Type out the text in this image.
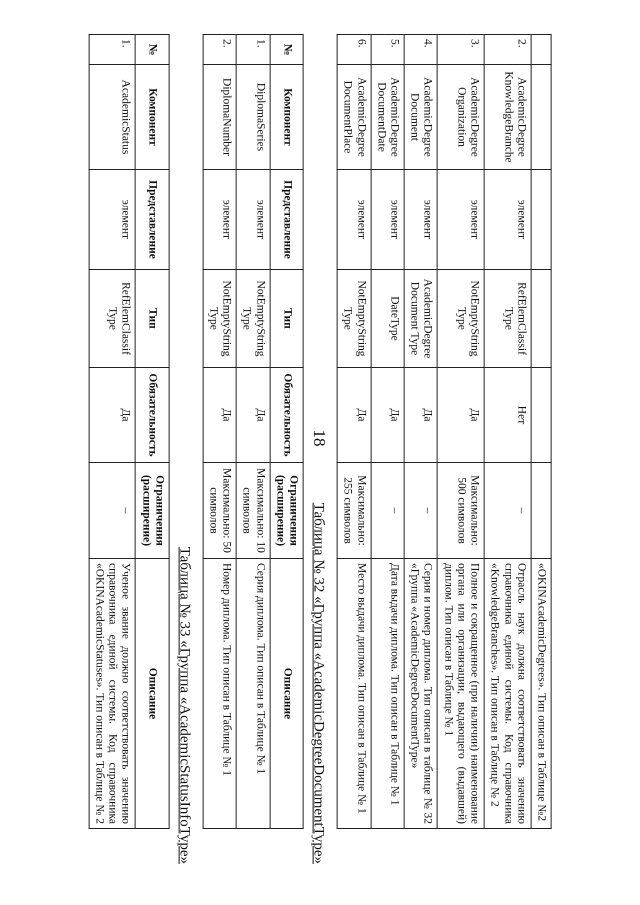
18
						«OKINAcademicDegrees». Тип описан в Таблице №2
2.	AcademicDegree KnowledgeBranche	элемент	RefElemClassif Type	Нет	–	Отрасль наук должна соответствовать значению справочника единой системы. Код справочника «KnowledgeBranches». Тип описан в Таблице № 2
3.	AcademicDegree Organization	элемент	NotEmptyString Type	Да	Максимально: 500 символов	Полное и сокращенное (при наличии) наименование органа или организации, выдающего (выдавшей) диплом. Тип описан в Таблице № 1
4.	AcademicDegree Document	элемент	AcademicDegree Document Type	Да	–	Серия и номер диплома. Тип описан в таблице № 32 «Группа «AcademicDegreeDocumentType»
5.	AcademicDegree DocumentDate	элемент	DateType	Да	–	Дата выдачи диплома. Тип описан в Таблице № 1
6.	AcademicDegree DocumentPlace	элемент	NotEmptyString Type	Да	Максимально: 255 символов	Место выдачи диплома. Тип описан в Таблице № 1
Таблица № 32 «Группа «AcademicDegreeDocumentType»
№	Компонент	Представление	Тип	Обязательность	Ограничения (расширение)	Описание
1.	DiplomaSeries	элемент	NotEmptyString Type	Да	Максимально: 10 символов	Серия диплома. Тип описан в Таблице № 1
2.	DiplomaNumber	элемент	NotEmptyString Type	Да	Максимально: 50 символов	Номер диплома. Тип описан в Таблице № 1
Таблица № 33 «Группа «AcademicStatusInfoType»
№	Компонент	Представление	Тип	Обязательность	Ограничения (расширение)	Описание
1.	AcademicStatus	элемент	RefElemClassif Type	Да	–	Ученое звание должно соответствовать значению справочника единой системы. Код справочника «OKINAcademicStatuses». Тип описан в Таблице № 2
